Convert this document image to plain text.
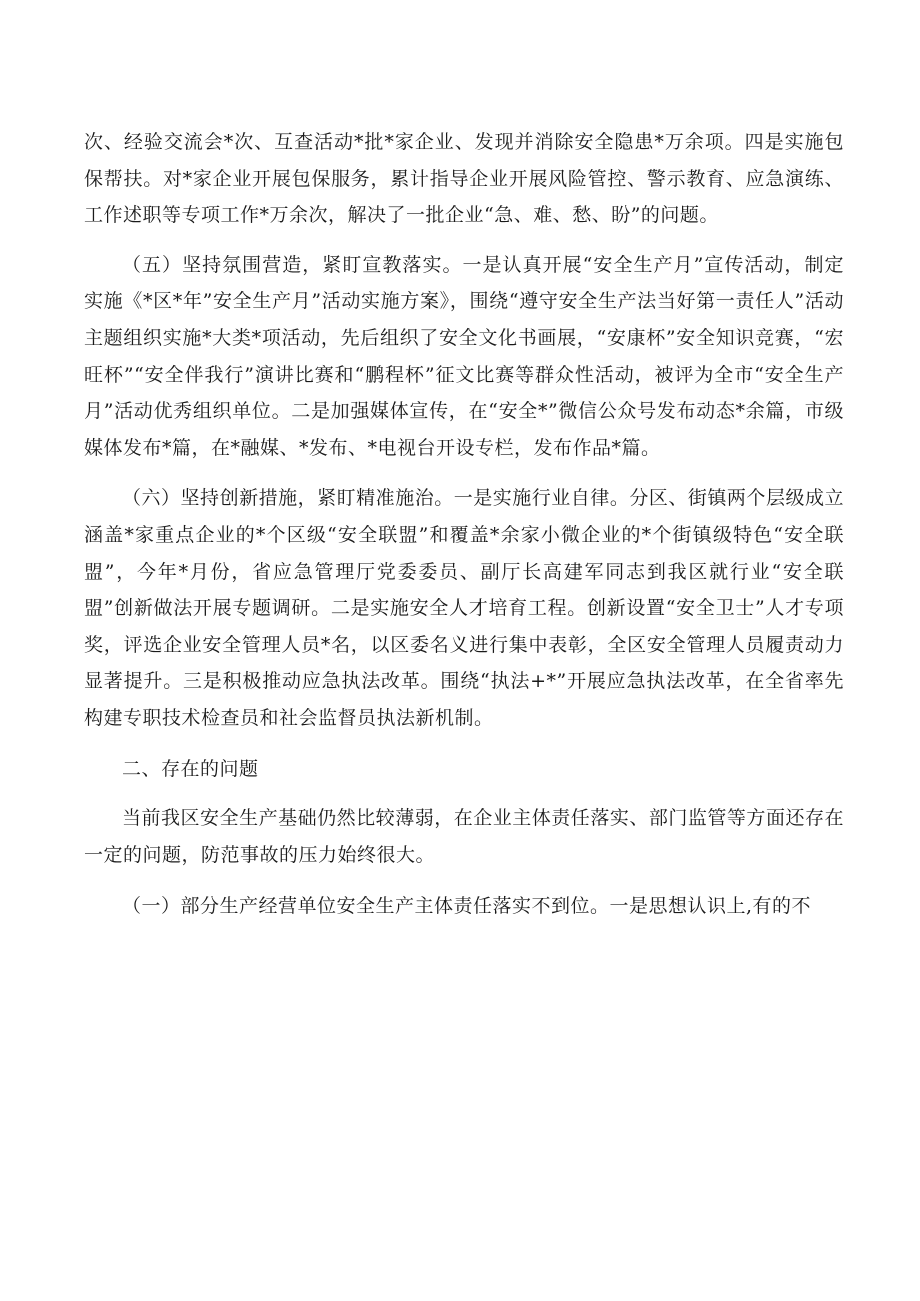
次、经验交流会*次、互查活动*批*家企业、发现并消除安全隐患*万余项。四是实施包保帮扶。对*家企业开展包保服务，累计指导企业开展风险管控、警示教育、应急演练、工作述职等专项工作*万余次，解决了一批企业“急、难、愁、盼”的问题。

（五）坚持氛围营造，紧盯宣教落实。一是认真开展“安全生产月”宣传活动，制定实施《*区*年”安全生产月”活动实施方案》，围绕“遵守安全生产法当好第一责任人”活动主题组织实施*大类*项活动，先后组织了安全文化书画展，“安康杯”安全知识竞赛，“宏旺杯”“安全伴我行”演讲比赛和“鹏程杯”征文比赛等群众性活动，被评为全市“安全生产月”活动优秀组织单位。二是加强媒体宣传，在“安全*”微信公众号发布动态*余篇，市级媒体发布*篇，在*融媒、*发布、*电视台开设专栏，发布作品*篇。

（六）坚持创新措施，紧盯精准施治。一是实施行业自律。分区、街镇两个层级成立涵盖*家重点企业的*个区级“安全联盟”和覆盖*余家小微企业的*个街镇级特色“安全联盟”，今年*月份，省应急管理厅党委委员、副厅长高建军同志到我区就行业“安全联盟”创新做法开展专题调研。二是实施安全人才培育工程。创新设置“安全卫士”人才专项奖，评选企业安全管理人员*名，以区委名义进行集中表彰，全区安全管理人员履责动力显著提升。三是积极推动应急执法改革。围绕“执法+*”开展应急执法改革，在全省率先构建专职技术检查员和社会监督员执法新机制。

二、存在的问题

当前我区安全生产基础仍然比较薄弱，在企业主体责任落实、部门监管等方面还存在一定的问题，防范事故的压力始终很大。

（一）部分生产经营单位安全生产主体责任落实不到位。一是思想认识上,有的不
